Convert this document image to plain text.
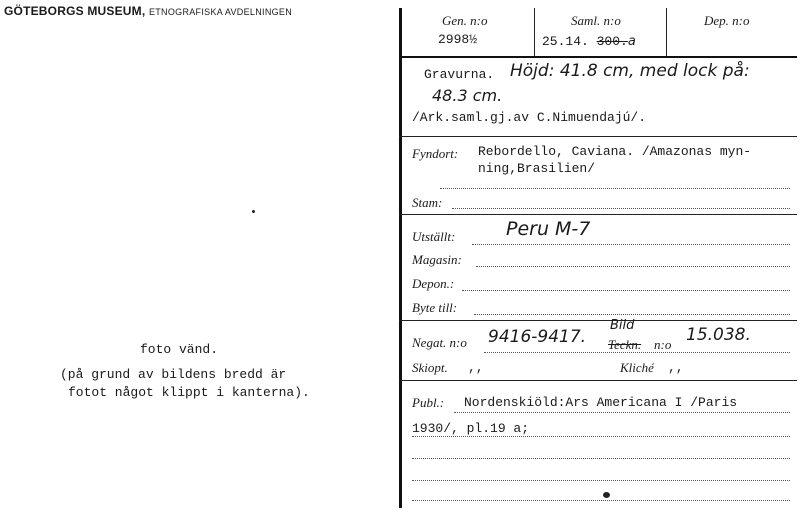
GÖTEBORGS MUSEUM, ETNOGRAFISKA AVDELNINGEN
foto vänd.
(på grund av bildens bredd är
fotot något klippt i kanterna).
Gen. n:o
2998½
Saml. n:o
25.14. 300.a
Dep. n:o
Gravurna. Höjd: 41.8 cm, med lock på:
48.3 cm.
/Ark.saml.gj.av C.Nimuendajú/.
Fyndort: Rebordello, Caviana. /Amazonas myn-
ning,Brasilien/
Stam:
Utställt:	Peru M-7
Magasin:
Depon.:
Byte till:
Negat. n:o 9416-9417.
Bild
Teckn. n:o 15.038.
Skiopt. ,,	Kliché ,,
Publ.: Nordenskiöld:Ars Americana I /Paris
1930/, pl.19 a;
